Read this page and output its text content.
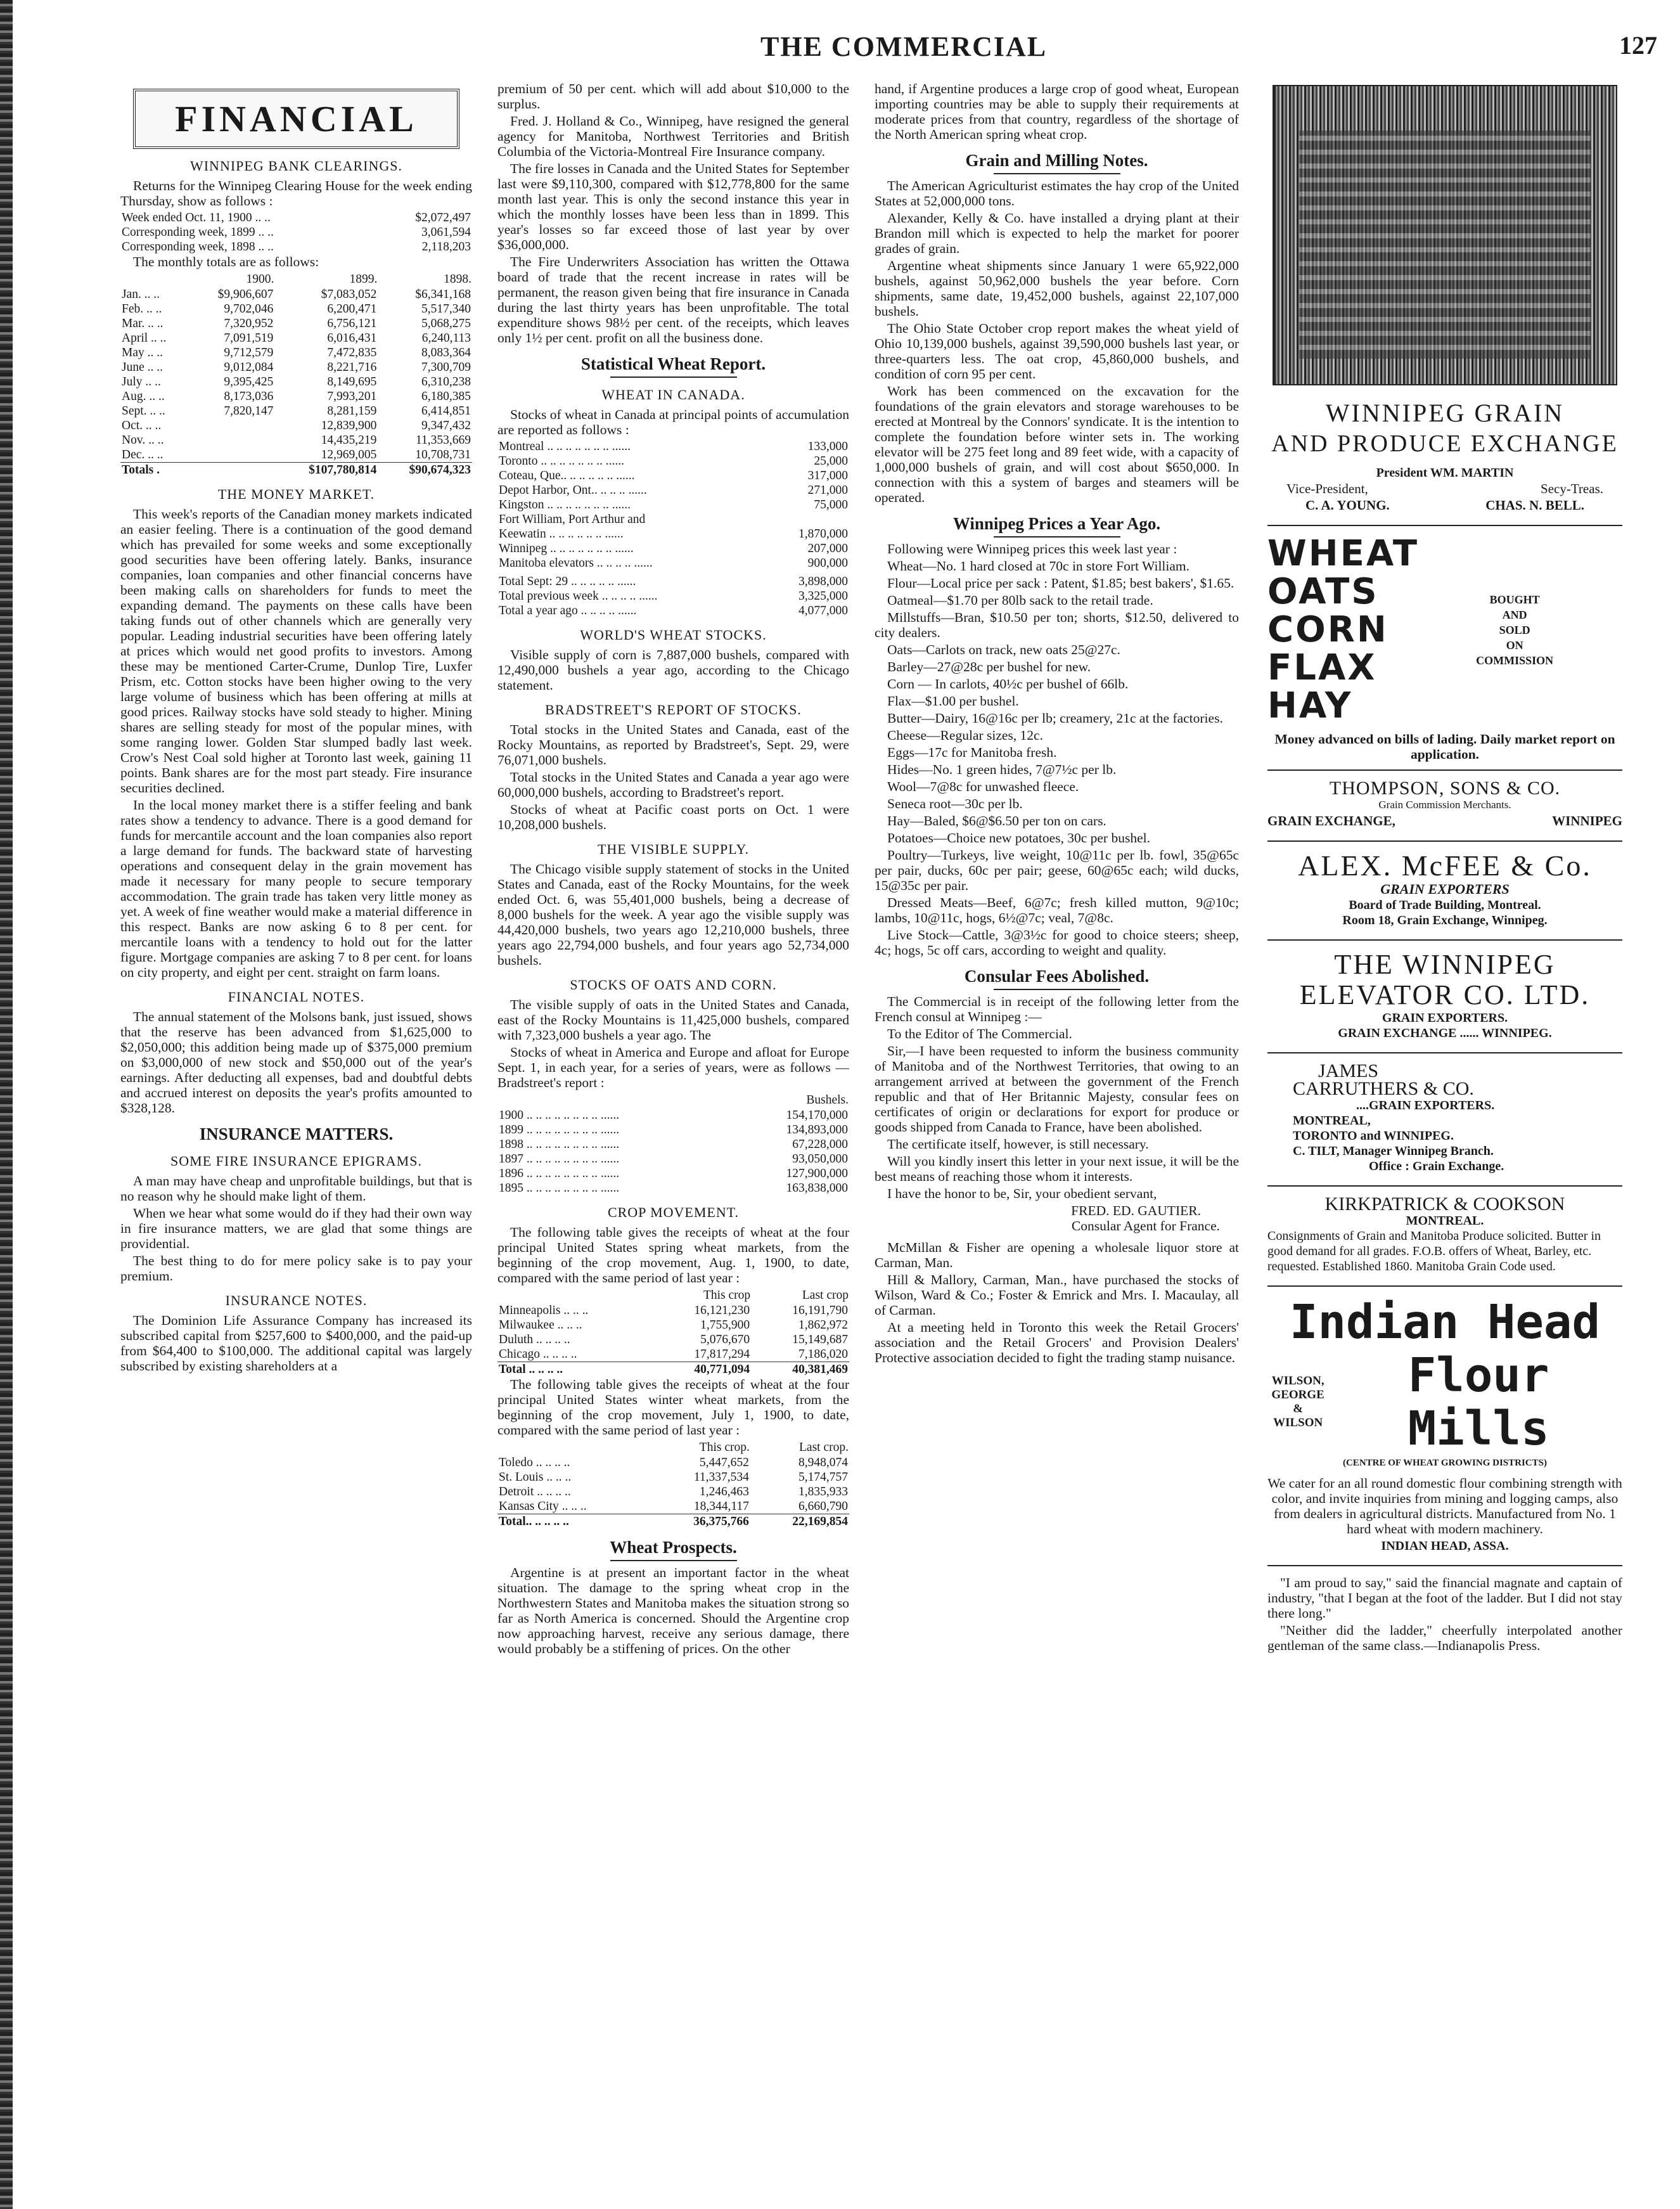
THE COMMERCIAL	127
FINANCIAL
WINNIPEG BANK CLEARINGS.

Returns for the Winnipeg Clearing House for the week ending Thursday, show as follows :

Week ended Oct. 11, 1900 .. ..	$2,072,497
Corresponding week, 1899 .. ..	3,061,594
Corresponding week, 1898 .. ..	2,118,203

The monthly totals are as follows:

	1900.	1899.	1898.
Jan. .. ..	$9,906,607	$7,083,052	$6,341,168
Feb. .. ..	9,702,046	6,200,471	5,517,340
Mar. .. ..	7,320,952	6,756,121	5,068,275
April .. ..	7,091,519	6,016,431	6,240,113
May .. ..	9,712,579	7,472,835	8,083,364
June .. ..	9,012,084	8,221,716	7,300,709
July .. ..	9,395,425	8,149,695	6,310,238
Aug. .. ..	8,173,036	7,993,201	6,180,385
Sept. .. ..	7,820,147	8,281,159	6,414,851
Oct. .. ..		12,839,900	9,347,432
Nov. .. ..		14,435,219	11,353,669
Dec. .. ..		12,969,005	10,708,731
Totals .		$107,780,814	$90,674,323
THE MONEY MARKET.

This week's reports of the Canadian money markets indicated an easier feeling. There is a continuation of the good demand which has prevailed for some weeks and some exceptionally good securities have been offering lately. Banks, insurance companies, loan companies and other financial concerns have been making calls on shareholders for funds to meet the expanding demand. The payments on these calls have been taking funds out of other channels which are generally very popular. Leading industrial securities have been offering lately at prices which would net good profits to investors. Among these may be mentioned Carter-Crume, Dunlop Tire, Luxfer Prism, etc. Cotton stocks have been higher owing to the very large volume of business which has been offering at mills at good prices. Railway stocks have sold steady to higher. Mining shares are selling steady for most of the popular mines, with some ranging lower. Golden Star slumped badly last week. Crow's Nest Coal sold higher at Toronto last week, gaining 11 points. Bank shares are for the most part steady. Fire insurance securities declined.

In the local money market there is a stiffer feeling and bank rates show a tendency to advance. There is a good demand for funds for mercantile account and the loan companies also report a large demand for funds. The backward state of harvesting operations and consequent delay in the grain movement has made it necessary for many people to secure temporary accommodation. The grain trade has taken very little money as yet. A week of fine weather would make a material difference in this respect. Banks are now asking 6 to 8 per cent. for mercantile loans with a tendency to hold out for the latter figure. Mortgage companies are asking 7 to 8 per cent. for loans on city property, and eight per cent. straight on farm loans.

FINANCIAL NOTES.

The annual statement of the Molsons bank, just issued, shows that the reserve has been advanced from $1,625,000 to $2,050,000; this addition being made up of $375,000 premium on $3,000,000 of new stock and $50,000 out of the year's earnings. After deducting all expenses, bad and doubtful debts and accrued interest on deposits the year's profits amounted to $328,128.

INSURANCE MATTERS.
SOME FIRE INSURANCE EPIGRAMS.

A man may have cheap and unprofitable buildings, but that is no reason why he should make light of them.

When we hear what some would do if they had their own way in fire insurance matters, we are glad that some things are providential.

The best thing to do for mere policy sake is to pay your premium.

INSURANCE NOTES.

The Dominion Life Assurance Company has increased its subscribed capital from $257,600 to $400,000, and the paid-up from $64,400 to $100,000. The additional capital was largely subscribed by existing shareholders at a

premium of 50 per cent. which will add about $10,000 to the surplus.

Fred. J. Holland & Co., Winnipeg, have resigned the general agency for Manitoba, Northwest Territories and British Columbia of the Victoria-Montreal Fire Insurance company.

The fire losses in Canada and the United States for September last were $9,110,300, compared with $12,778,800 for the same month last year. This is only the second instance this year in which the monthly losses have been less than in 1899. This year's losses so far exceed those of last year by over $36,000,000.

The Fire Underwriters Association has written the Ottawa board of trade that the recent increase in rates will be permanent, the reason given being that fire insurance in Canada during the last thirty years has been unprofitable. The total expenditure shows 98½ per cent. of the receipts, which leaves only 1½ per cent. profit on all the business done.

Statistical Wheat Report.
WHEAT IN CANADA.

Stocks of wheat in Canada at principal points of accumulation are reported as follows :

Montreal .. .. .. .. .. .. .. ......	133,000
Toronto .. .. .. .. .. .. .. ......	25,000
Coteau, Que.. .. .. .. .. .. ......	317,000
Depot Harbor, Ont.. .. .. .. ......	271,000
Kingston .. .. .. .. .. .. .. ......	75,000
Fort William, Port Arthur and	
Keewatin .. .. .. .. .. .. ......	1,870,000
Winnipeg .. .. .. .. .. .. .. ......	207,000
Manitoba elevators .. .. .. .. ......	900,000
Total Sept: 29 .. .. .. .. .. ......	3,898,000
Total previous week .. .. .. .. ......	3,325,000
Total a year ago .. .. .. .. ......	4,077,000
WORLD'S WHEAT STOCKS.

Visible supply of corn is 7,887,000 bushels, compared with 12,490,000 bushels a year ago, according to the Chicago statement.

BRADSTREET'S REPORT OF STOCKS.

Total stocks in the United States and Canada, east of the Rocky Mountains, as reported by Bradstreet's, Sept. 29, were 76,071,000 bushels.

Total stocks in the United States and Canada a year ago were 60,000,000 bushels, according to Bradstreet's report.

Stocks of wheat at Pacific coast ports on Oct. 1 were 10,208,000 bushels.

THE VISIBLE SUPPLY.

The Chicago visible supply statement of stocks in the United States and Canada, east of the Rocky Mountains, for the week ended Oct. 6, was 55,401,000 bushels, being a decrease of 8,000 bushels for the week. A year ago the visible supply was 44,420,000 bushels, two years ago 12,210,000 bushels, three years ago 22,794,000 bushels, and four years ago 52,734,000 bushels.

STOCKS OF OATS AND CORN.

The visible supply of oats in the United States and Canada, east of the Rocky Mountains is 11,425,000 bushels, compared with 7,323,000 bushels a year ago. The

Stocks of wheat in America and Europe and afloat for Europe Sept. 1, in each year, for a series of years, were as follows — Bradstreet's report :

	Bushels.
1900 .. .. .. .. .. .. .. .. ......	154,170,000
1899 .. .. .. .. .. .. .. .. ......	134,893,000
1898 .. .. .. .. .. .. .. .. ......	67,228,000
1897 .. .. .. .. .. .. .. .. ......	93,050,000
1896 .. .. .. .. .. .. .. .. ......	127,900,000
1895 .. .. .. .. .. .. .. .. ......	163,838,000
CROP MOVEMENT.

The following table gives the receipts of wheat at the four principal United States spring wheat markets, from the beginning of the crop movement, Aug. 1, 1900, to date, compared with the same period of last year :

	This crop	Last crop
Minneapolis .. .. ..	16,121,230	16,191,790
Milwaukee .. .. ..	1,755,900	1,862,972
Duluth .. .. .. ..	5,076,670	15,149,687
Chicago .. .. .. ..	17,817,294	7,186,020
Total .. .. .. ..	40,771,094	40,381,469

The following table gives the receipts of wheat at the four principal United States winter wheat markets, from the beginning of the crop movement, July 1, 1900, to date, compared with the same period of last year :

	This crop.	Last crop.
Toledo .. .. .. ..	5,447,652	8,948,074
St. Louis .. .. ..	11,337,534	5,174,757
Detroit .. .. .. ..	1,246,463	1,835,933
Kansas City .. .. ..	18,344,117	6,660,790
Total.. .. .. .. ..	36,375,766	22,169,854
Wheat Prospects.

Argentine is at present an important factor in the wheat situation. The damage to the spring wheat crop in the Northwestern States and Manitoba makes the situation strong so far as North America is concerned. Should the Argentine crop now approaching harvest, receive any serious damage, there would probably be a stiffening of prices. On the other

hand, if Argentine produces a large crop of good wheat, European importing countries may be able to supply their requirements at moderate prices from that country, regardless of the shortage of the North American spring wheat crop.

Grain and Milling Notes.

The American Agriculturist estimates the hay crop of the United States at 52,000,000 tons.

Alexander, Kelly & Co. have installed a drying plant at their Brandon mill which is expected to help the market for poorer grades of grain.

Argentine wheat shipments since January 1 were 65,922,000 bushels, against 50,962,000 bushels the year before. Corn shipments, same date, 19,452,000 bushels, against 22,107,000 bushels.

The Ohio State October crop report makes the wheat yield of Ohio 10,139,000 bushels, against 39,590,000 bushels last year, or three-quarters less. The oat crop, 45,860,000 bushels, and condition of corn 95 per cent.

Work has been commenced on the excavation for the foundations of the grain elevators and storage warehouses to be erected at Montreal by the Connors' syndicate. It is the intention to complete the foundation before winter sets in. The working elevator will be 275 feet long and 89 feet wide, with a capacity of 1,000,000 bushels of grain, and will cost about $650,000. In connection with this a system of barges and steamers will be operated.

Winnipeg Prices a Year Ago.

Following were Winnipeg prices this week last year :

Wheat—No. 1 hard closed at 70c in store Fort William.

Flour—Local price per sack : Patent, $1.85; best bakers', $1.65.

Oatmeal—$1.70 per 80lb sack to the retail trade.

Millstuffs—Bran, $10.50 per ton; shorts, $12.50, delivered to city dealers.

Oats—Carlots on track, new oats 25@27c.

Barley—27@28c per bushel for new.

Corn — In carlots, 40½c per bushel of 66lb.

Flax—$1.00 per bushel.

Butter—Dairy, 16@16c per lb; creamery, 21c at the factories.

Cheese—Regular sizes, 12c.

Eggs—17c for Manitoba fresh.

Hides—No. 1 green hides, 7@7½c per lb.

Wool—7@8c for unwashed fleece.

Seneca root—30c per lb.

Hay—Baled, $6@$6.50 per ton on cars.

Potatoes—Choice new potatoes, 30c per bushel.

Poultry—Turkeys, live weight, 10@11c per lb. fowl, 35@65c per pair, ducks, 60c per pair; geese, 60@65c each; wild ducks, 15@35c per pair.

Dressed Meats—Beef, 6@7c; fresh killed mutton, 9@10c; lambs, 10@11c, hogs, 6½@7c; veal, 7@8c.

Live Stock—Cattle, 3@3½c for good to choice steers; sheep, 4c; hogs, 5c off cars, according to weight and quality.

Consular Fees Abolished.

The Commercial is in receipt of the following letter from the French consul at Winnipeg :—

To the Editor of The Commercial.

Sir,—I have been requested to inform the business community of Manitoba and of the Northwest Territories, that owing to an arrangement arrived at between the government of the French republic and that of Her Britannic Majesty, consular fees on certificates of origin or declarations for export for produce or goods shipped from Canada to France, have been abolished.

The certificate itself, however, is still necessary.

Will you kindly insert this letter in your next issue, it will be the best means of reaching those whom it interests.

I have the honor to be, Sir, your obedient servant,

FRED. ED. GAUTIER.
Consular Agent for France.

McMillan & Fisher are opening a wholesale liquor store at Carman, Man.

Hill & Mallory, Carman, Man., have purchased the stocks of Wilson, Ward & Co.; Foster & Emrick and Mrs. I. Macaulay, all of Carman.

At a meeting held in Toronto this week the Retail Grocers' association and the Retail Grocers' and Provision Dealers' Protective association decided to fight the trading stamp nuisance.

WINNIPEG GRAIN
AND PRODUCE EXCHANGE
President WM. MARTIN
Vice-President,	Secy-Treas.
C. A. YOUNG.	CHAS. N. BELL.
WHEAT
OATS
CORN
FLAX
HAY
BOUGHT
AND
SOLD
ON
COMMISSION

Money advanced on bills of lading. Daily market report on application.

THOMPSON, SONS & CO.
Grain Commission Merchants.
GRAIN EXCHANGE,	WINNIPEG
ALEX. McFEE & Co.
GRAIN EXPORTERS
Board of Trade Building, Montreal.
Room 18, Grain Exchange, Winnipeg.
THE WINNIPEG
ELEVATOR CO. LTD.
GRAIN EXPORTERS.
GRAIN EXCHANGE ...... WINNIPEG.
JAMES
CARRUTHERS & CO.
....GRAIN EXPORTERS.
MONTREAL,
TORONTO and WINNIPEG.
C. TILT, Manager Winnipeg Branch.
Office : Grain Exchange.
KIRKPATRICK & COOKSON
MONTREAL.

Consignments of Grain and Manitoba Produce solicited. Butter in good demand for all grades. F.O.B. offers of Wheat, Barley, etc. requested. Established 1860. Manitoba Grain Code used.

Indian Head
WILSON,
GEORGE &
WILSON
Flour Mills
(CENTRE OF WHEAT GROWING DISTRICTS)

We cater for an all round domestic flour combining strength with color, and invite inquiries from mining and logging camps, also from dealers in agricultural districts. Manufactured from No. 1 hard wheat with modern machinery.

INDIAN HEAD, ASSA.

"I am proud to say," said the financial magnate and captain of industry, "that I began at the foot of the ladder. But I did not stay there long."

"Neither did the ladder," cheerfully interpolated another gentleman of the same class.—Indianapolis Press.
